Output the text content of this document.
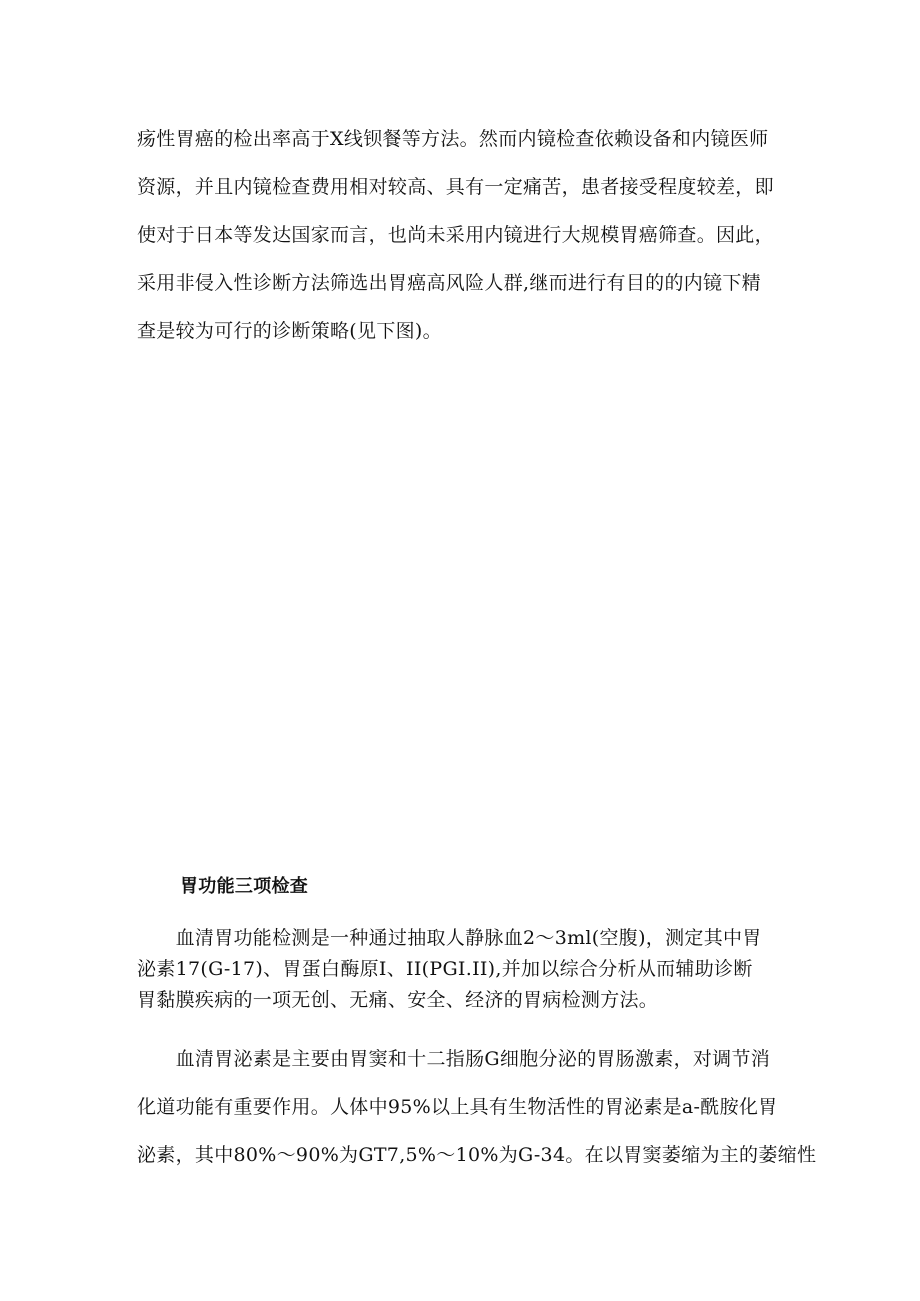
疡性胃癌的检出率高于X线钡餐等方法。然而内镜检查依赖设备和内镜医师
资源，并且内镜检查费用相对较高、具有一定痛苦，患者接受程度较差，即
使对于日本等发达国家而言，也尚未采用内镜进行大规模胃癌筛查。因此，
采用非侵入性诊断方法筛选出胃癌高风险人群,继而进行有目的的内镜下精
查是较为可行的诊断策略(见下图)。
胃功能三项检查
　　血清胃功能检测是一种通过抽取人静脉血2～3ml(空腹)，测定其中胃
泌素17(G-17)、胃蛋白酶原I、II(PGI.II),并加以综合分析从而辅助诊断
胃黏膜疾病的一项无创、无痛、安全、经济的胃病检测方法。
　　血清胃泌素是主要由胃窦和十二指肠G细胞分泌的胃肠激素，对调节消
化道功能有重要作用。人体中95%以上具有生物活性的胃泌素是a-酰胺化胃
泌素，其中80%～90%为GT7,5%～10%为G-34。在以胃窦萎缩为主的萎缩性
